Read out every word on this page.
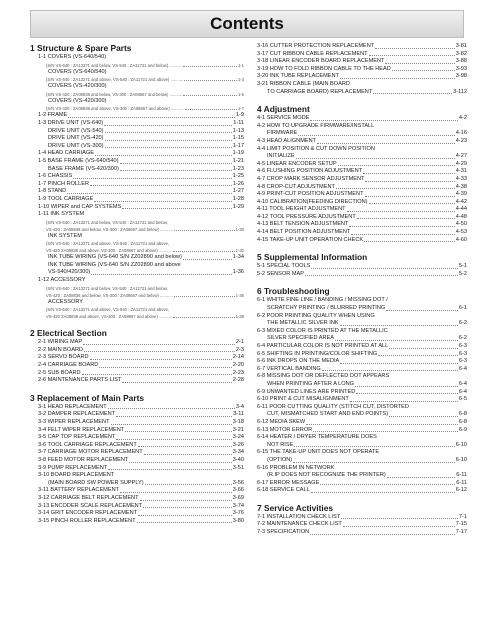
Contents
1 Structure & Spare Parts
1-1 COVERS (VS-640/540)
(S/N VS-640 : ZA13271 and below, VS-540 : ZA11721 and below) ...........	1-1
COVERS (VS-640/540)
(S/N VS-640 : ZA13271 and above, VS-540 : ZA11721 and above) ...........	1-3
COVERS (VS-420/300)
(S/N VS-420 : ZA08836 and below, VS-300 : ZA08667 and below) ...........	1-5
COVERS (VS-420/300)
(S/N VS-420 : ZA08836 and above, VS-300 : ZA08667 and above) ...........	1-7
1-2 FRAME	1-9
1-3 DRIVE UNIT (VS-640)	1-11
DRIVE UNIT (VS-540)	1-13
DRIVE UNIT (VS-420)	1-15
DRIVE UNIT (VS-300)	1-17
1-4 HEAD CARRIAGE	1-19
1-5 BASE FRAME (VS-640/540)	1-21
BASE FRAME (VS-420/300)	1-23
1-6 CHASSIS	1-25
1-7 PINCH ROLLER	1-26
1-8 STAND	1-27
1-9 TOOL CARRIAGE	1-28
1-10 WIPER and CAP SYSTEMS	1-29
1-11 INK SYSTEM
(S/N VS-640 : ZA13271 and below, VS-540 : ZA11721 and below,
VS-420 : ZA08836 and below, VS-300 : ZA08667 and below) ...........	1-30
INK SYSTEM
(S/N VS-640 : ZA13271 and above, VS-540 : ZA11721 and above,
VS-420 ZA08836 and above, VS-300 : ZA08667 and above) ...........	1-32
INK TUBE WIRING (VS-640 S/N ZZ02890 and below)	1-34
INK TUBE WIRING (VS-640 S/N ZZ02890 and above
VS-540/420/300)	1-36
1-12 ACCESSORY
(S/N VS-640 : ZA13271 and below, VS-540 : ZA11721 and below,
VS-420 : ZA08836 and below, VS-300 : ZA08667 and below) ...........	1-36
ACCESSORY
(S/N VS-640 : ZA13271 and above, VS-540 : ZA11721 and above,
VS-420 ZA08836 and above, VS-300 : ZA08667 and above) ...........	1-38
2 Electrical Section
2-1 WIRING MAP	2-1
2-2 MAIN BOARD	2-3
2-3 SERVO BOARD	2-14
2-4 CARRIAGE BOARD	2-20
2-5 SUB BOARD	2-23
2-6 MAINTENANCE PARTS LIST	2-28
3 Replacement of Main Parts
3-1 HEAD REPLACEMENT	3-4
3-2 DAMPER REPLACEMENT	3-11
3-3 WIPER REPLACEMENT	3-18
3-4 FELT WIPER REPLACEMENT	3-21
3-5 CAP TOP REPLACEMENT	3-24
3-6 TOOL CARRIAGE REPLACEMENT	3-26
3-7 CARRIAGE MOTOR REPLACEMENT	3-34
3-8 FEED MOTOR REPLACEMENT	3-40
3-9 PUMP REPLACEMENT	3-51
3-10 BOARD REPLACEMENT
(MAIN BOARD SW POWER SUPPLY)	3-56
3-11 BATTERY REPLACEMENT	3-66
3-12 CARRIAGE BELT REPLACEMENT	3-69
3-13 ENCODER SCALE REPLACEMENT	3-74
3-14 GRIT ENCODER REPLACEMENT	3-76
3-15 PINCH ROLLER REPLACEMENT	3-80
3-16 CUTTER PROTECTION REPLACEMENT	3-81
3-17 CUT RIBBON CABLE REPLACEMENT	3-82
3-18 LINEAR ENCODER BOARD REPLACEMENT	3-88
3-19 HOW TO FOLD RIBBON CABLE TO THE HEAD	3-93
3-20 INK TUBE REPLACEMENT	3-98
3-21 RIBBON CABLE (MAIN BOARD
TO CARRIAGE BOARD) REPLACEMENT	3-112
4 Adjustment
4-1 SERVICE MODE	4-2
4-2 HOW TO UPGRADE FIRMWARE/INSTALL
FIRMWARE	4-16
4-3 HEAD ALIGNMENT	4-23
4-4 LIMIT POSITION & CUT DOWN POSITION
INITIALIZE	4-27
4-5 LINEAR ENCODER SETUP	4-29
4-6 FLUSHING POSITION ADJUSTMENT	4-31
4-7 CROP MARK SENSOR ADJUSTMENT	4-33
4-8 CROP-CUT ADJUSTMENT	4-38
4-9 PRINT-CUT POSITION ADJUSTMENT	4-39
4-10 CALIBRATION(FEEDING DIRECTION)	4-42
4-11 TOOL HEIGHT ADJUSTMENT	4-44
4-12 TOOL PRESSURE ADJUSTMENT	4-48
4-13 BELT TENSION ADJUSTMENT	4-50
4-14 BELT POSITION ADJUSTMENT	4-53
4-15 TAKE-UP UNIT OPERATION CHECK	4-60
5 Supplemental Information
5-1 SPECIAL TOOLS	5-1
5-2 SENSOR MAP	5-2
6 Troubleshooting
6-1 WHITE FINE LINE / BANDING / MISSING DOT /
SCRATCHY PRINTING / BLURRED PRINTING	6-1
6-2 POOR PRINTING QUALITY WHEN USING
THE METALLIC SILVER INK	6-2
6-3 MIXED COLOR IS PRINTED AT THE METALLIC
SILVER SPECIFIED AREA	6-2
6-4 PARTICULAR COLOR IS NOT PRINTED AT ALL	6-3
6-5 SHIFTING IN PRINTING/COLOR SHIFTING	6-3
6-6 INK DROPS ON THE MEDIA	6-3
6-7 VERTICAL BANDING	6-4
6-8 MISSING DOT OR DEFLECTED DOT APPEARS
WHEN PRINTING AFTER A LONG	6-4
6-9 UNWANTED LINES ARE PRINTED	6-4
6-10 PRINT & CUT MISALIGNMENT	6-5
6-11 POOR CUTTING QUALITY (STITCH CUT, DISTORTED
CUT, MISMATCHED START AND END POINTS)	6-8
6-12 MEDIA SKEW	6-8
6-13 MOTOR ERROR	6-9
6-14 HEATER / DRYER TEMPERATURE DOES
NOT RISE	6-10
6-15 THE TAKE-UP UNIT DOES NOT OPERATE
(OPTION)	6-10
6-16 PROBLEM IN NETWORK
(R.IP DOES NOT RECOGNIZE THE PRINTER)	6-11
6-17 ERROR MESSAGE	6-11
6-18 SERVICE CALL	6-12
7 Service Activities
7-1 INSTALLATION CHECK LIST	7-1
7-2 MAINTENANCE CHECK LIST	7-15
7-3 SPECIFICATION	7-17
